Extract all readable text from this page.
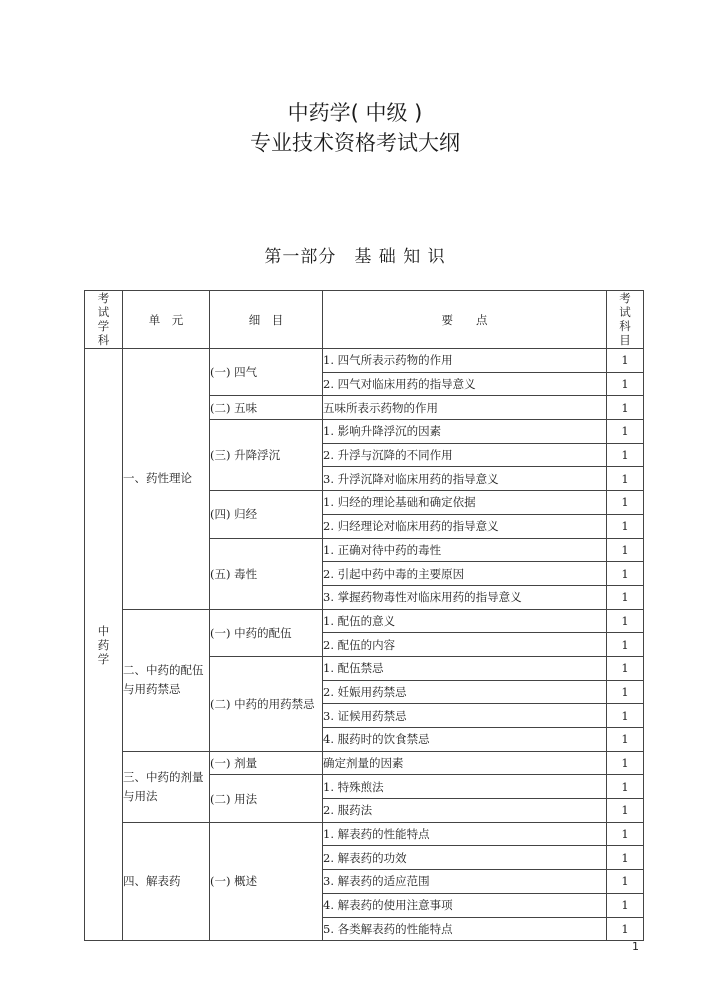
中药学( 中级 )
专业技术资格考试大纲
第一部分　基 础 知 识
考试学科	单　元	细　目	要　　点	考试科目
中药学	一、药性理论	(一) 四气	1. 四气所表示药物的作用	1
			2. 四气对临床用药的指导意义	1
		(二) 五味	五味所表示药物的作用	1
		(三) 升降浮沉	1. 影响升降浮沉的因素	1
			2. 升浮与沉降的不同作用	1
			3. 升浮沉降对临床用药的指导意义	1
		(四) 归经	1. 归经的理论基础和确定依据	1
			2. 归经理论对临床用药的指导意义	1
		(五) 毒性	1. 正确对待中药的毒性	1
			2. 引起中药中毒的主要原因	1
			3. 掌握药物毒性对临床用药的指导意义	1
	二、中药的配伍与用药禁忌	(一) 中药的配伍	1. 配伍的意义	1
			2. 配伍的内容	1
		(二) 中药的用药禁忌	1. 配伍禁忌	1
			2. 妊娠用药禁忌	1
			3. 证候用药禁忌	1
			4. 服药时的饮食禁忌	1
	三、中药的剂量与用法	(一) 剂量	确定剂量的因素	1
		(二) 用法	1. 特殊煎法	1
			2. 服药法	1
	四、解表药	(一) 概述	1. 解表药的性能特点	1
			2. 解表药的功效	1
			3. 解表药的适应范围	1
			4. 解表药的使用注意事项	1
			5. 各类解表药的性能特点	1
1
